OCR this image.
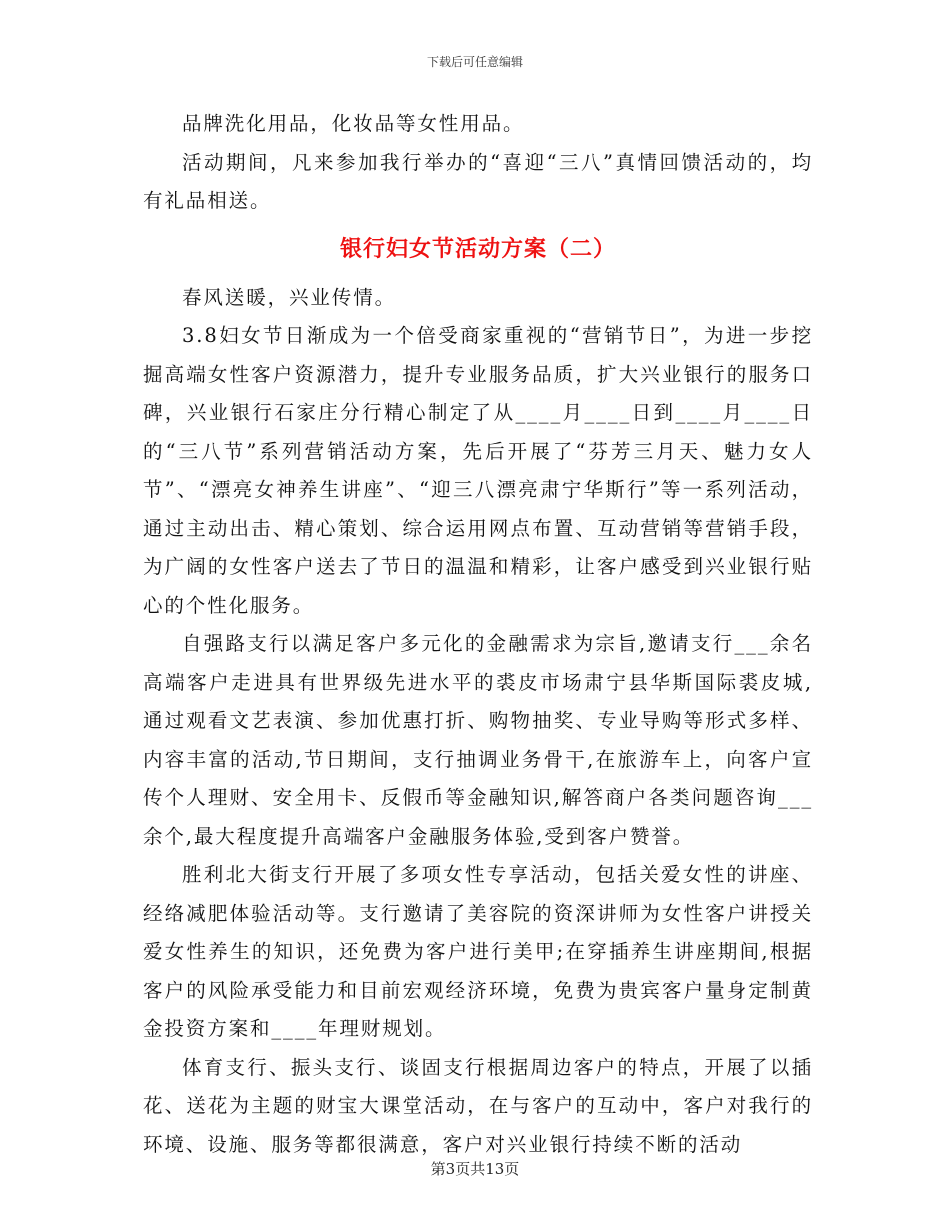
下载后可任意编辑

品牌洗化用品，化妆品等女性用品。

活动期间，凡来参加我行举办的“喜迎“三八”真情回馈活动的，均有礼品相送。

银行妇女节活动方案（二）

春风送暖，兴业传情。

3.8妇女节日渐成为一个倍受商家重视的“营销节日”，为进一步挖掘高端女性客户资源潜力，提升专业服务品质，扩大兴业银行的服务口碑，兴业银行石家庄分行精心制定了从____月____日到____月____日的“三八节”系列营销活动方案，先后开展了“芬芳三月天、魅力女人节”、“漂亮女神养生讲座”、“迎三八漂亮肃宁华斯行”等一系列活动，通过主动出击、精心策划、综合运用网点布置、互动营销等营销手段，为广阔的女性客户送去了节日的温温和精彩，让客户感受到兴业银行贴心的个性化服务。

自强路支行以满足客户多元化的金融需求为宗旨,邀请支行___余名高端客户走进具有世界级先进水平的裘皮市场肃宁县华斯国际裘皮城,通过观看文艺表演、参加优惠打折、购物抽奖、专业导购等形式多样、内容丰富的活动,节日期间，支行抽调业务骨干,在旅游车上，向客户宣传个人理财、安全用卡、反假币等金融知识,解答商户各类问题咨询___余个,最大程度提升高端客户金融服务体验,受到客户赞誉。

胜利北大街支行开展了多项女性专享活动，包括关爱女性的讲座、经络减肥体验活动等。支行邀请了美容院的资深讲师为女性客户讲授关爱女性养生的知识，还免费为客户进行美甲;在穿插养生讲座期间,根据客户的风险承受能力和目前宏观经济环境，免费为贵宾客户量身定制黄金投资方案和____年理财规划。

体育支行、振头支行、谈固支行根据周边客户的特点，开展了以插花、送花为主题的财宝大课堂活动，在与客户的互动中，客户对我行的环境、设施、服务等都很满意，客户对兴业银行持续不断的活动

第3页共13页
